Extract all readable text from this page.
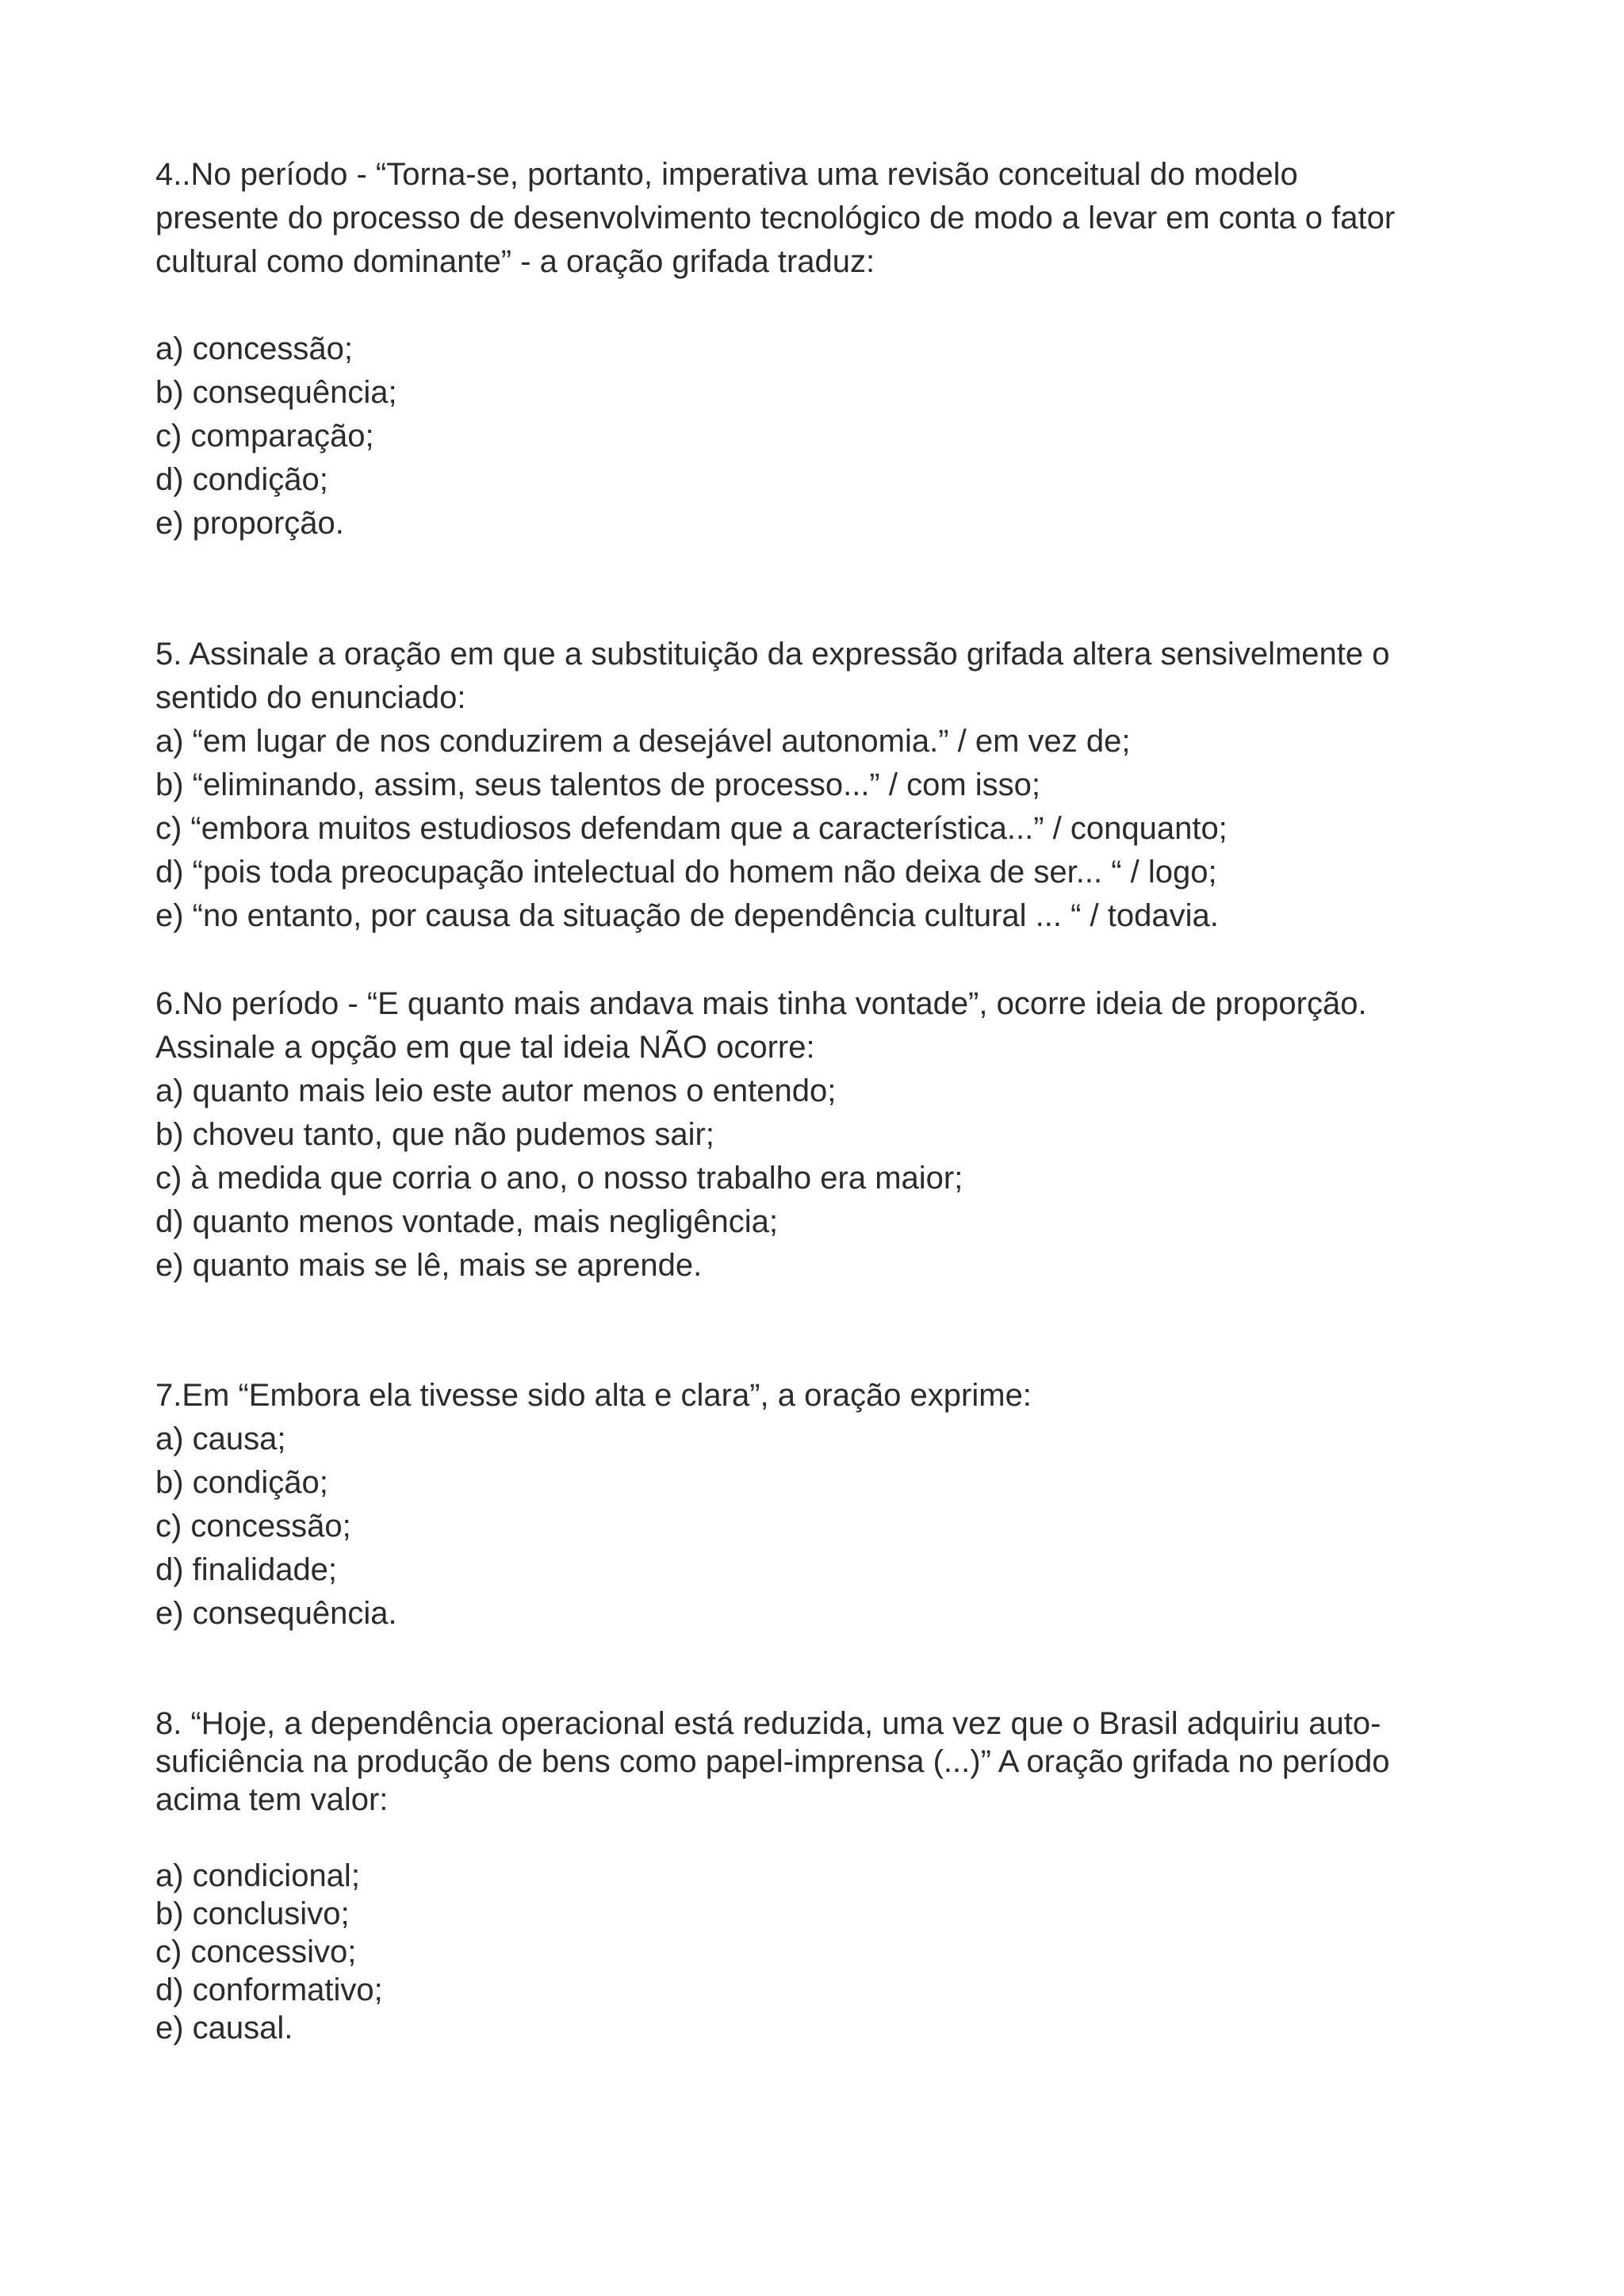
4..No período - “Torna-se, portanto, imperativa uma revisão conceitual do modelo
presente do processo de desenvolvimento tecnológico de modo a levar em conta o fator
cultural como dominante” - a oração grifada traduz:
a) concessão;
b) consequência;
c) comparação;
d) condição;
e) proporção.
5. Assinale a oração em que a substituição da expressão grifada altera sensivelmente o
sentido do enunciado:
a) “em lugar de nos conduzirem a desejável autonomia.” / em vez de;
b) “eliminando, assim, seus talentos de processo...” / com isso;
c) “embora muitos estudiosos defendam que a característica...” / conquanto;
d) “pois toda preocupação intelectual do homem não deixa de ser... “ / logo;
e) “no entanto, por causa da situação de dependência cultural ... “ / todavia.
6.No período - “E quanto mais andava mais tinha vontade”, ocorre ideia de proporção.
Assinale a opção em que tal ideia NÃO ocorre:
a) quanto mais leio este autor menos o entendo;
b) choveu tanto, que não pudemos sair;
c) à medida que corria o ano, o nosso trabalho era maior;
d) quanto menos vontade, mais negligência;
e) quanto mais se lê, mais se aprende.
7.Em “Embora ela tivesse sido alta e clara”, a oração exprime:
a) causa;
b) condição;
c) concessão;
d) finalidade;
e) consequência.
8. “Hoje, a dependência operacional está reduzida, uma vez que o Brasil adquiriu auto-
suficiência na produção de bens como papel-imprensa (...)” A oração grifada no período
acima tem valor:
a) condicional;
b) conclusivo;
c) concessivo;
d) conformativo;
e) causal.
